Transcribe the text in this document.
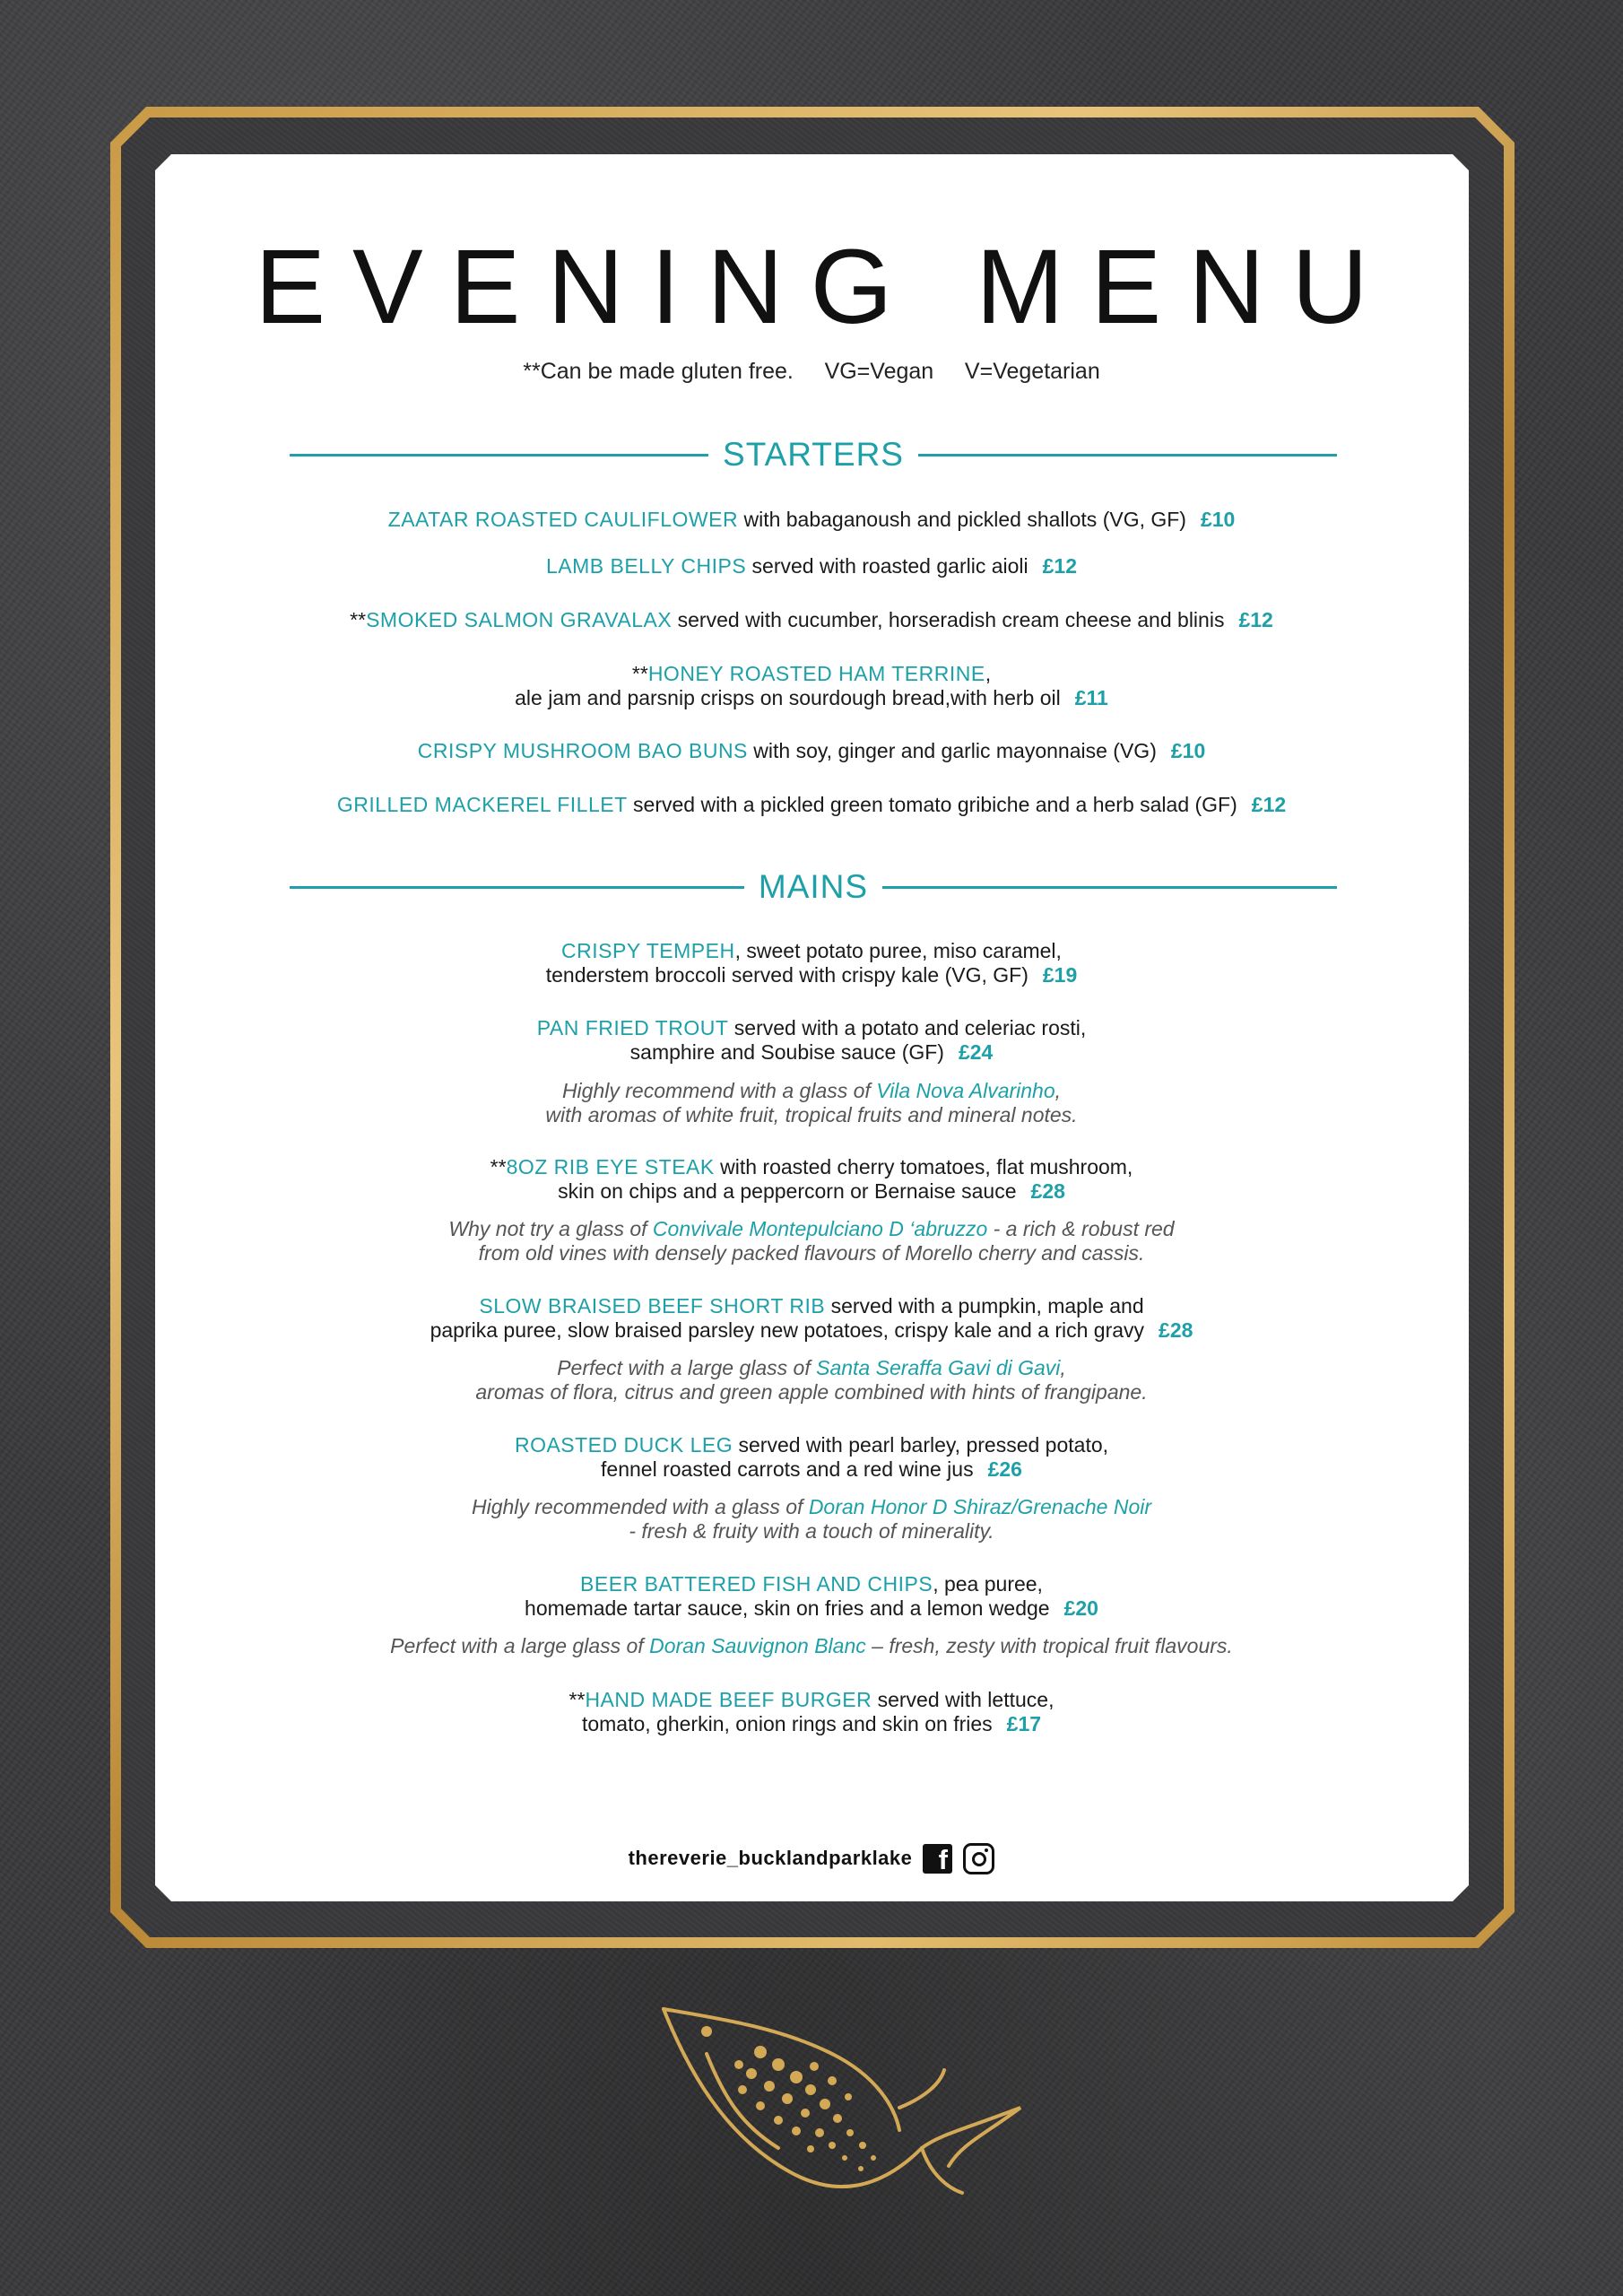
EVENING MENU
**Can be made gluten free.     VG=Vegan     V=Vegetarian
STARTERS
ZAATAR ROASTED CAULIFLOWER with babaganoush and pickled shallots (VG, GF) £10
LAMB BELLY CHIPS served with roasted garlic aioli £12
**SMOKED SALMON GRAVALAX served with cucumber, horseradish cream cheese and blinis £12
**HONEY ROASTED HAM TERRINE,
ale jam and parsnip crisps on sourdough bread,with herb oil £11
CRISPY MUSHROOM BAO BUNS with soy, ginger and garlic mayonnaise (VG) £10
GRILLED MACKEREL FILLET served with a pickled green tomato gribiche and a herb salad (GF) £12
MAINS
CRISPY TEMPEH, sweet potato puree, miso caramel,
tenderstem broccoli served with crispy kale (VG, GF) £19
PAN FRIED TROUT served with a potato and celeriac rosti,
samphire and Soubise sauce (GF) £24
Highly recommend with a glass of Vila Nova Alvarinho,
with aromas of white fruit, tropical fruits and mineral notes.
**8OZ RIB EYE STEAK with roasted cherry tomatoes, flat mushroom,
skin on chips and a peppercorn or Bernaise sauce £28
Why not try a glass of Convivale Montepulciano D ‘abruzzo - a rich & robust red
from old vines with densely packed flavours of Morello cherry and cassis.
SLOW BRAISED BEEF SHORT RIB served with a pumpkin, maple and
paprika puree, slow braised parsley new potatoes, crispy kale and a rich gravy £28
Perfect with a large glass of Santa Seraffa Gavi di Gavi,
aromas of flora, citrus and green apple combined with hints of frangipane.
ROASTED DUCK LEG served with pearl barley, pressed potato,
fennel roasted carrots and a red wine jus £26
Highly recommended with a glass of Doran Honor D Shiraz/Grenache Noir
- fresh & fruity with a touch of minerality.
BEER BATTERED FISH AND CHIPS, pea puree,
homemade tartar sauce, skin on fries and a lemon wedge £20
Perfect with a large glass of Doran Sauvignon Blanc – fresh, zesty with tropical fruit flavours.
**HAND MADE BEEF BURGER served with lettuce,
tomato, gherkin, onion rings and skin on fries £17
thereverie_bucklandparklake f
